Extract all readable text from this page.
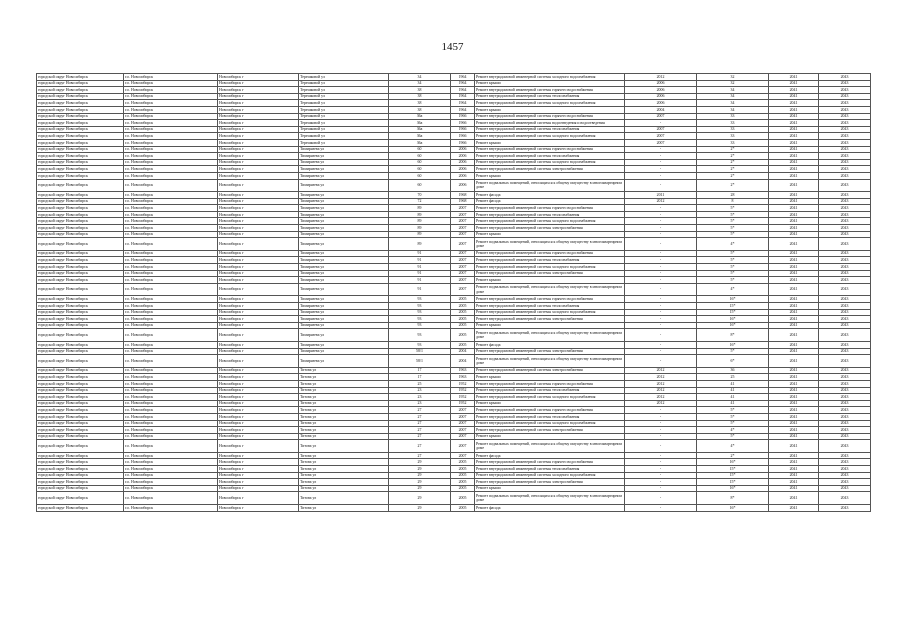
1457
городской округ Новосибирск	г.о. Новосибирск	Новосибирск г	Терешковой ул	34	1964	Ремонт внутридомовой инженерной системы холодного водоснабжения	2012	32	2041	2043
городской округ Новосибирск	г.о. Новосибирск	Новосибирск г	Терешковой ул	34	1964	Ремонт крыши	2006	32	2041	2043
городской округ Новосибирск	г.о. Новосибирск	Новосибирск г	Терешковой ул	38	1964	Ремонт внутридомовой инженерной системы горячего водоснабжения	2006	34	2041	2043
городской округ Новосибирск	г.о. Новосибирск	Новосибирск г	Терешковой ул	38	1964	Ремонт внутридомовой инженерной системы теплоснабжения	2006	34	2041	2043
городской округ Новосибирск	г.о. Новосибирск	Новосибирск г	Терешковой ул	38	1964	Ремонт внутридомовой инженерной системы холодного водоснабжения	2006	34	2041	2043
городской округ Новосибирск	г.о. Новосибирск	Новосибирск г	Терешковой ул	38	1964	Ремонт крыши	2004	34	2041	2043
городской округ Новосибирск	г.о. Новосибирск	Новосибирск г	Терешковой ул	36а	1966	Ремонт внутридомовой инженерной системы горячего водоснабжения	2007	33	2041	2043
городской округ Новосибирск	г.о. Новосибирск	Новосибирск г	Терешковой ул	36а	1966	Ремонт внутридомовой инженерной системы водоотведения и водоотведения	-	33	2041	2043
городской округ Новосибирск	г.о. Новосибирск	Новосибирск г	Терешковой ул	36а	1966	Ремонт внутридомовой инженерной системы теплоснабжения	2007	33	2041	2043
городской округ Новосибирск	г.о. Новосибирск	Новосибирск г	Терешковой ул	36а	1966	Ремонт внутридомовой инженерной системы холодного водоснабжения	2007	33	2041	2043
городской округ Новосибирск	г.о. Новосибирск	Новосибирск г	Терешковой ул	36а	1966	Ремонт крыши	2007	33	2041	2043
городской округ Новосибирск	г.о. Новосибирск	Новосибирск г	Тимирязева ул	60	2006	Ремонт внутридомовой инженерной системы горячего водоснабжения	-	2*	2041	2043
городской округ Новосибирск	г.о. Новосибирск	Новосибирск г	Тимирязева ул	60	2006	Ремонт внутридомовой инженерной системы теплоснабжения	-	2*	2041	2043
городской округ Новосибирск	г.о. Новосибирск	Новосибирск г	Тимирязева ул	60	2006	Ремонт внутридомовой инженерной системы холодного водоснабжения	-	2*	2041	2043
городской округ Новосибирск	г.о. Новосибирск	Новосибирск г	Тимирязева ул	60	2006	Ремонт внутридомовой инженерной системы электроснабжения	-	2*	2041	2043
городской округ Новосибирск	г.о. Новосибирск	Новосибирск г	Тимирязева ул	60	2006	Ремонт крыши	-	2*	2041	2043
городской округ Новосибирск	г.о. Новосибирск	Новосибирск г	Тимирязева ул	60	2006	Ремонт подвальных помещений, относящихся к общему имуществу в многоквартирном доме	-	2*	2041	2043
городской округ Новосибирск	г.о. Новосибирск	Новосибирск г	Тимирязева ул	70	1968	Ремонт фасада	2011	28	2041	2043
городской округ Новосибирск	г.о. Новосибирск	Новосибирск г	Тимирязева ул	72	1968	Ремонт фасада	2012	8	2041	2043
городской округ Новосибирск	г.о. Новосибирск	Новосибирск г	Тимирязева ул	89	2007	Ремонт внутридомовой инженерной системы горячего водоснабжения	-	5*	2041	2043
городской округ Новосибирск	г.о. Новосибирск	Новосибирск г	Тимирязева ул	89	2007	Ремонт внутридомовой инженерной системы теплоснабжения	-	5*	2041	2043
городской округ Новосибирск	г.о. Новосибирск	Новосибирск г	Тимирязева ул	89	2007	Ремонт внутридомовой инженерной системы холодного водоснабжения	-	5*	2041	2043
городской округ Новосибирск	г.о. Новосибирск	Новосибирск г	Тимирязева ул	89	2007	Ремонт внутридомовой инженерной системы электроснабжения	-	5*	2041	2043
городской округ Новосибирск	г.о. Новосибирск	Новосибирск г	Тимирязева ул	89	2007	Ремонт крыши	-	5*	2041	2043
городской округ Новосибирск	г.о. Новосибирск	Новосибирск г	Тимирязева ул	89	2007	Ремонт подвальных помещений, относящихся к общему имуществу в многоквартирном доме	-	4*	2041	2043
городской округ Новосибирск	г.о. Новосибирск	Новосибирск г	Тимирязева ул	91	2007	Ремонт внутридомовой инженерной системы горячего водоснабжения	-	5*	2041	2043
городской округ Новосибирск	г.о. Новосибирск	Новосибирск г	Тимирязева ул	91	2007	Ремонт внутридомовой инженерной системы теплоснабжения	-	5*	2041	2043
городской округ Новосибирск	г.о. Новосибирск	Новосибирск г	Тимирязева ул	91	2007	Ремонт внутридомовой инженерной системы холодного водоснабжения	-	5*	2041	2043
городской округ Новосибирск	г.о. Новосибирск	Новосибирск г	Тимирязева ул	91	2007	Ремонт внутридомовой инженерной системы электроснабжения	-	5*	2041	2043
городской округ Новосибирск	г.о. Новосибирск	Новосибирск г	Тимирязева ул	91	2007	Ремонт крыши	-	5*	2041	2043
городской округ Новосибирск	г.о. Новосибирск	Новосибирск г	Тимирязева ул	91	2007	Ремонт подвальных помещений, относящихся к общему имуществу в многоквартирном доме	-	4*	2041	2043
городской округ Новосибирск	г.о. Новосибирск	Новосибирск г	Тимирязева ул	93	2005	Ремонт внутридомовой инженерной системы горячего водоснабжения	-	16*	2041	2043
городской округ Новосибирск	г.о. Новосибирск	Новосибирск г	Тимирязева ул	93	2005	Ремонт внутридомовой инженерной системы теплоснабжения	-	15*	2041	2043
городской округ Новосибирск	г.о. Новосибирск	Новосибирск г	Тимирязева ул	93	2005	Ремонт внутридомовой инженерной системы холодного водоснабжения	-	15*	2041	2043
городской округ Новосибирск	г.о. Новосибирск	Новосибирск г	Тимирязева ул	93	2005	Ремонт внутридомовой инженерной системы электроснабжения	-	16*	2041	2043
городской округ Новосибирск	г.о. Новосибирск	Новосибирск г	Тимирязева ул	93	2005	Ремонт крыши	-	16*	2041	2043
городской округ Новосибирск	г.о. Новосибирск	Новосибирск г	Тимирязева ул	93	2005	Ремонт подвальных помещений, относящихся к общему имуществу в многоквартирном доме	-	8*	2041	2043
городской округ Новосибирск	г.о. Новосибирск	Новосибирск г	Тимирязева ул	93	2005	Ремонт фасада	-	16*	2041	2043
городской округ Новосибирск	г.о. Новосибирск	Новосибирск г	Тимирязева ул	58/1	2004	Ремонт внутридомовой инженерной системы электроснабжения	-	5*	2041	2043
городской округ Новосибирск	г.о. Новосибирск	Новосибирск г	Тимирязева ул	58/1	2004	Ремонт подвальных помещений, относящихся к общему имуществу в многоквартирном доме	-	6*	2041	2043
городской округ Новосибирск	г.о. Новосибирск	Новосибирск г	Титова ул	17	1963	Ремонт внутридомовой инженерной системы электроснабжения	2012	36	2041	2043
городской округ Новосибирск	г.о. Новосибирск	Новосибирск г	Титова ул	17	1963	Ремонт крыши	2012	25	2041	2043
городской округ Новосибирск	г.о. Новосибирск	Новосибирск г	Титова ул	25	1952	Ремонт внутридомовой инженерной системы горячего водоснабжения	2012	41	2041	2043
городской округ Новосибирск	г.о. Новосибирск	Новосибирск г	Титова ул	23	1952	Ремонт внутридомовой инженерной системы теплоснабжения	2012	41	2041	2043
городской округ Новосибирск	г.о. Новосибирск	Новосибирск г	Титова ул	23	1952	Ремонт внутридомовой инженерной системы холодного водоснабжения	2012	41	2041	2043
городской округ Новосибирск	г.о. Новосибирск	Новосибирск г	Титова ул	23	1952	Ремонт крыши	2012	41	2041	2043
городской округ Новосибирск	г.о. Новосибирск	Новосибирск г	Титова ул	27	2007	Ремонт внутридомовой инженерной системы горячего водоснабжения	-	5*	2041	2043
городской округ Новосибирск	г.о. Новосибирск	Новосибирск г	Титова ул	27	2007	Ремонт внутридомовой инженерной системы теплоснабжения	-	5*	2041	2043
городской округ Новосибирск	г.о. Новосибирск	Новосибирск г	Титова ул	27	2007	Ремонт внутридомовой инженерной системы холодного водоснабжения	-	5*	2041	2043
городской округ Новосибирск	г.о. Новосибирск	Новосибирск г	Титова ул	27	2007	Ремонт внутридомовой инженерной системы электроснабжения	-	4*	2041	2043
городской округ Новосибирск	г.о. Новосибирск	Новосибирск г	Титова ул	27	2007	Ремонт крыши	-	5*	2041	2043
городской округ Новосибирск	г.о. Новосибирск	Новосибирск г	Титова ул	27	2007	Ремонт подвальных помещений, относящихся к общему имуществу в многоквартирном доме	-	4*	2041	2043
городской округ Новосибирск	г.о. Новосибирск	Новосибирск г	Титова ул	27	2007	Ремонт фасада	-	2*	2041	2043
городской округ Новосибирск	г.о. Новосибирск	Новосибирск г	Титова ул	29	2005	Ремонт внутридомовой инженерной системы горячего водоснабжения	-	16*	2041	2043
городской округ Новосибирск	г.о. Новосибирск	Новосибирск г	Титова ул	29	2005	Ремонт внутридомовой инженерной системы теплоснабжения	-	15*	2041	2043
городской округ Новосибирск	г.о. Новосибирск	Новосибирск г	Титова ул	29	2005	Ремонт внутридомовой инженерной системы холодного водоснабжения	-	15*	2041	2043
городской округ Новосибирск	г.о. Новосибирск	Новосибирск г	Титова ул	29	2005	Ремонт внутридомовой инженерной системы электроснабжения	-	15*	2041	2043
городской округ Новосибирск	г.о. Новосибирск	Новосибирск г	Титова ул	29	2005	Ремонт крыши	-	16*	2041	2043
городской округ Новосибирск	г.о. Новосибирск	Новосибирск г	Титова ул	29	2005	Ремонт подвальных помещений, относящихся к общему имуществу в многоквартирном доме	-	8*	2041	2043
городской округ Новосибирск	г.о. Новосибирск	Новосибирск г	Титова ул	29	2005	Ремонт фасада	-	16*	2041	2043
